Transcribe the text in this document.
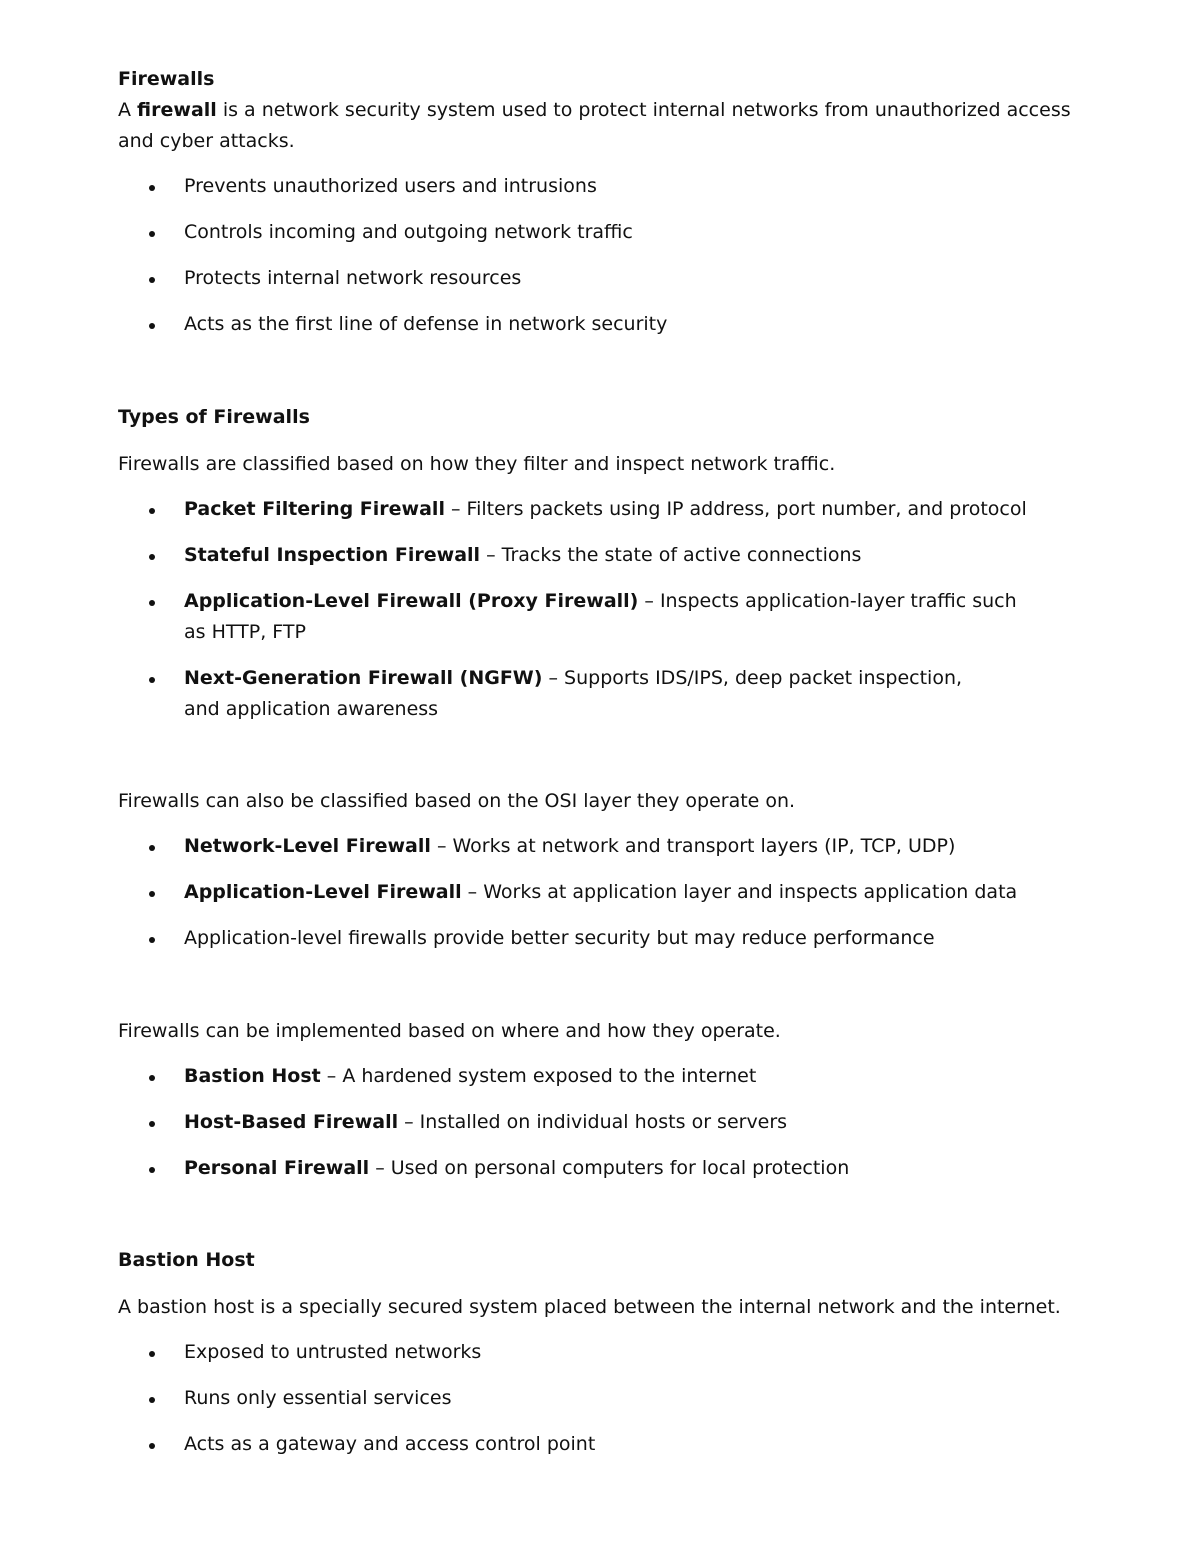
Firewalls

A firewall is a network security system used to protect internal networks from unauthorized access and cyber attacks.

Prevents unauthorized users and intrusions
Controls incoming and outgoing network traffic
Protects internal network resources
Acts as the first line of defense in network security
Types of Firewalls

Firewalls are classified based on how they filter and inspect network traffic.

Packet Filtering Firewall – Filters packets using IP address, port number, and protocol
Stateful Inspection Firewall – Tracks the state of active connections
Application-Level Firewall (Proxy Firewall) – Inspects application-layer traffic such as HTTP, FTP
Next-Generation Firewall (NGFW) – Supports IDS/IPS, deep packet inspection,
and application awareness

Firewalls can also be classified based on the OSI layer they operate on.

Network-Level Firewall – Works at network and transport layers (IP, TCP, UDP)
Application-Level Firewall – Works at application layer and inspects application data
Application-level firewalls provide better security but may reduce performance

Firewalls can be implemented based on where and how they operate.

Bastion Host – A hardened system exposed to the internet
Host-Based Firewall – Installed on individual hosts or servers
Personal Firewall – Used on personal computers for local protection
Bastion Host

A bastion host is a specially secured system placed between the internal network and the internet.

Exposed to untrusted networks
Runs only essential services
Acts as a gateway and access control point
